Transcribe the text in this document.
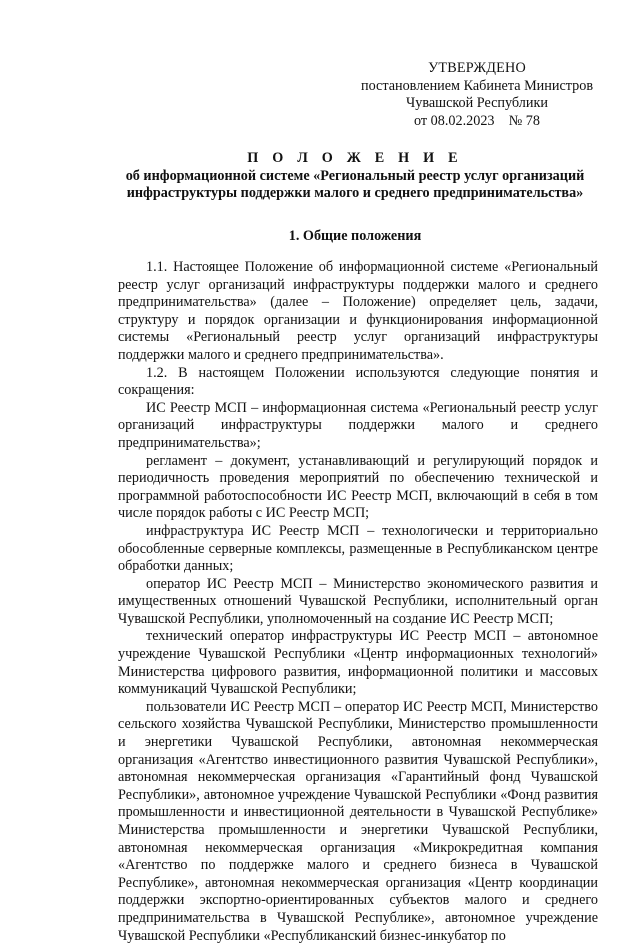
УТВЕРЖДЕНО
постановлением Кабинета Министров
Чувашской Республики
от 08.02.2023    № 78
П О Л О Ж Е Н И Е
об информационной системе «Региональный реестр услуг организаций
инфраструктуры поддержки малого и среднего предпринимательства»
1. Общие положения

1.1. Настоящее Положение об информационной системе «Региональный реестр услуг организаций инфраструктуры поддержки малого и среднего предпринимательства» (далее – Положение) определяет цель, задачи, структуру и порядок организации и функционирования информационной системы «Региональный реестр услуг организаций инфраструктуры поддержки малого и среднего предпринимательства».

1.2. В настоящем Положении используются следующие понятия и сокращения:

ИС Реестр МСП – информационная система «Региональный реестр услуг организаций инфраструктуры поддержки малого и среднего предпринимательства»;

регламент – документ, устанавливающий и регулирующий порядок и периодичность проведения мероприятий по обеспечению технической и программной работоспособности ИС Реестр МСП, включающий в себя в том числе порядок работы с ИС Реестр МСП;

инфраструктура ИС Реестр МСП – технологически и территориально обособленные серверные комплексы, размещенные в Республиканском центре обработки данных;

оператор ИС Реестр МСП – Министерство экономического развития и имущественных отношений Чувашской Республики, исполнительный орган Чувашской Республики, уполномоченный на создание ИС Реестр МСП;

технический оператор инфраструктуры ИС Реестр МСП – автономное учреждение Чувашской Республики «Центр информационных технологий» Министерства цифрового развития, информационной политики и массовых коммуникаций Чувашской Республики;

пользователи ИС Реестр МСП – оператор ИС Реестр МСП, Министерство сельского хозяйства Чувашской Республики, Министерство промышленности и энергетики Чувашской Республики, автономная некоммерческая организация «Агентство инвестиционного развития Чувашской Республики», автономная некоммерческая организация «Гарантийный фонд Чувашской Республики», автономное учреждение Чувашской Республики «Фонд развития промышленности и инвестиционной деятельности в Чувашской Республике» Министерства промышленности и энергетики Чувашской Республики, автономная некоммерческая организация «Микрокредитная компания «Агентство по поддержке малого и среднего бизнеса в Чувашской Республике», автономная некоммерческая организация «Центр координации поддержки экспортно-ориентированных субъектов малого и среднего предпринимательства в Чувашской Республике», автономное учреждение Чувашской Республики «Республиканский бизнес-инкубатор по
